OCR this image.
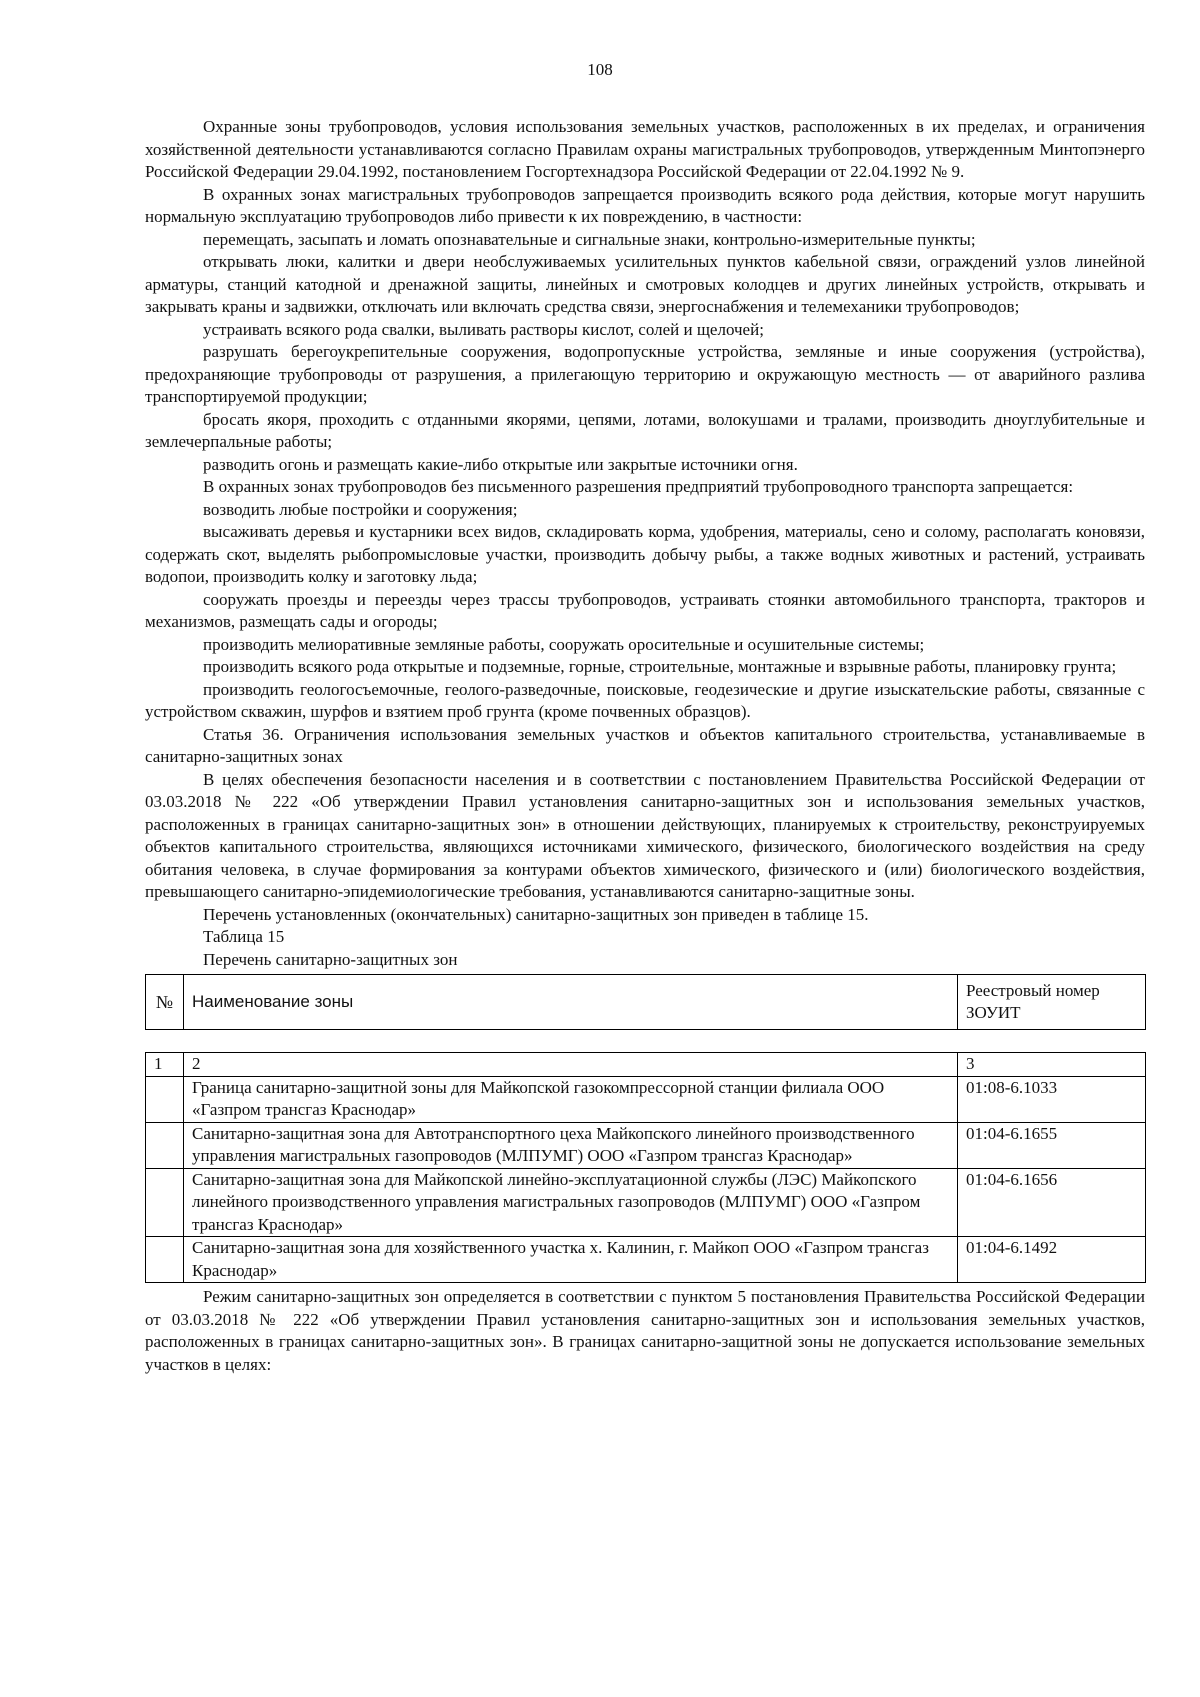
108

Охранные зоны трубопроводов, условия использования земельных участков, расположенных в их пределах, и ограничения хозяйственной деятельности устанавливаются согласно Правилам охраны магистральных трубопроводов, утвержденным Минтопэнерго Российской Федерации 29.04.1992, постановлением Госгортехнадзора Российской Федерации от 22.04.1992 № 9.

В охранных зонах магистральных трубопроводов запрещается производить всякого рода действия, которые могут нарушить нормальную эксплуатацию трубопроводов либо привести к их повреждению, в частности:

перемещать, засыпать и ломать опознавательные и сигнальные знаки, контрольно-измерительные пункты;

открывать люки, калитки и двери необслуживаемых усилительных пунктов кабельной связи, ограждений узлов линейной арматуры, станций катодной и дренажной защиты, линейных и смотровых колодцев и других линейных устройств, открывать и закрывать краны и задвижки, отключать или включать средства связи, энергоснабжения и телемеханики трубопроводов;

устраивать всякого рода свалки, выливать растворы кислот, солей и щелочей;

разрушать берегоукрепительные сооружения, водопропускные устройства, земляные и иные сооружения (устройства), предохраняющие трубопроводы от разрушения, а прилегающую территорию и окружающую местность — от аварийного разлива транспортируемой продукции;

бросать якоря, проходить с отданными якорями, цепями, лотами, волокушами и тралами, производить дноуглубительные и землечерпальные работы;

разводить огонь и размещать какие-либо открытые или закрытые источники огня.

В охранных зонах трубопроводов без письменного разрешения предприятий трубопроводного транспорта запрещается:

возводить любые постройки и сооружения;

высаживать деревья и кустарники всех видов, складировать корма, удобрения, материалы, сено и солому, располагать коновязи, содержать скот, выделять рыбопромысловые участки, производить добычу рыбы, а также водных животных и растений, устраивать водопои, производить колку и заготовку льда;

сооружать проезды и переезды через трассы трубопроводов, устраивать стоянки автомобильного транспорта, тракторов и механизмов, размещать сады и огороды;

производить мелиоративные земляные работы, сооружать оросительные и осушительные системы;

производить всякого рода открытые и подземные, горные, строительные, монтажные и взрывные работы, планировку грунта;

производить геологосъемочные, геолого-разведочные, поисковые, геодезические и другие изыскательские работы, связанные с устройством скважин, шурфов и взятием проб грунта (кроме почвенных образцов).

Статья 36. Ограничения использования земельных участков и объектов капитального строительства, устанавливаемые в санитарно-защитных зонах

В целях обеспечения безопасности населения и в соответствии с постановлением Правительства Российской Федерации от 03.03.2018 № 222 «Об утверждении Правил установления санитарно-защитных зон и использования земельных участков, расположенных в границах санитарно-защитных зон» в отношении действующих, планируемых к строительству, реконструируемых объектов капитального строительства, являющихся источниками химического, физического, биологического воздействия на среду обитания человека, в случае формирования за контурами объектов химического, физического и (или) биологического воздействия, превышающего санитарно-эпидемиологические требования, устанавливаются санитарно-защитные зоны.

Перечень установленных (окончательных) санитарно-защитных зон приведен в таблице 15.

Таблица 15
Перечень санитарно-защитных зон
№	Наименование зоны	Реестровый номер ЗОУИТ
1	2	3
	Граница санитарно-защитной зоны для Майкопской газокомпрессорной станции филиала ООО «Газпром трансгаз Краснодар»	01:08-6.1033
	Санитарно-защитная зона для Автотранспортного цеха Майкопского линейного производственного управления магистральных газопроводов (МЛПУМГ) ООО «Газпром трансгаз Краснодар»	01:04-6.1655
	Санитарно-защитная зона для Майкопской линейно-эксплуатационной службы (ЛЭС) Майкопского линейного производственного управления магистральных газопроводов (МЛПУМГ) ООО «Газпром трансгаз Краснодар»	01:04-6.1656
	Санитарно-защитная зона для хозяйственного участка х. Калинин, г. Майкоп ООО «Газпром трансгаз Краснодар»	01:04-6.1492

Режим санитарно-защитных зон определяется в соответствии с пунктом 5 постановления Правительства Российской Федерации от 03.03.2018 № 222 «Об утверждении Правил установления санитарно-защитных зон и использования земельных участков, расположенных в границах санитарно-защитных зон». В границах санитарно-защитной зоны не допускается использование земельных участков в целях:
